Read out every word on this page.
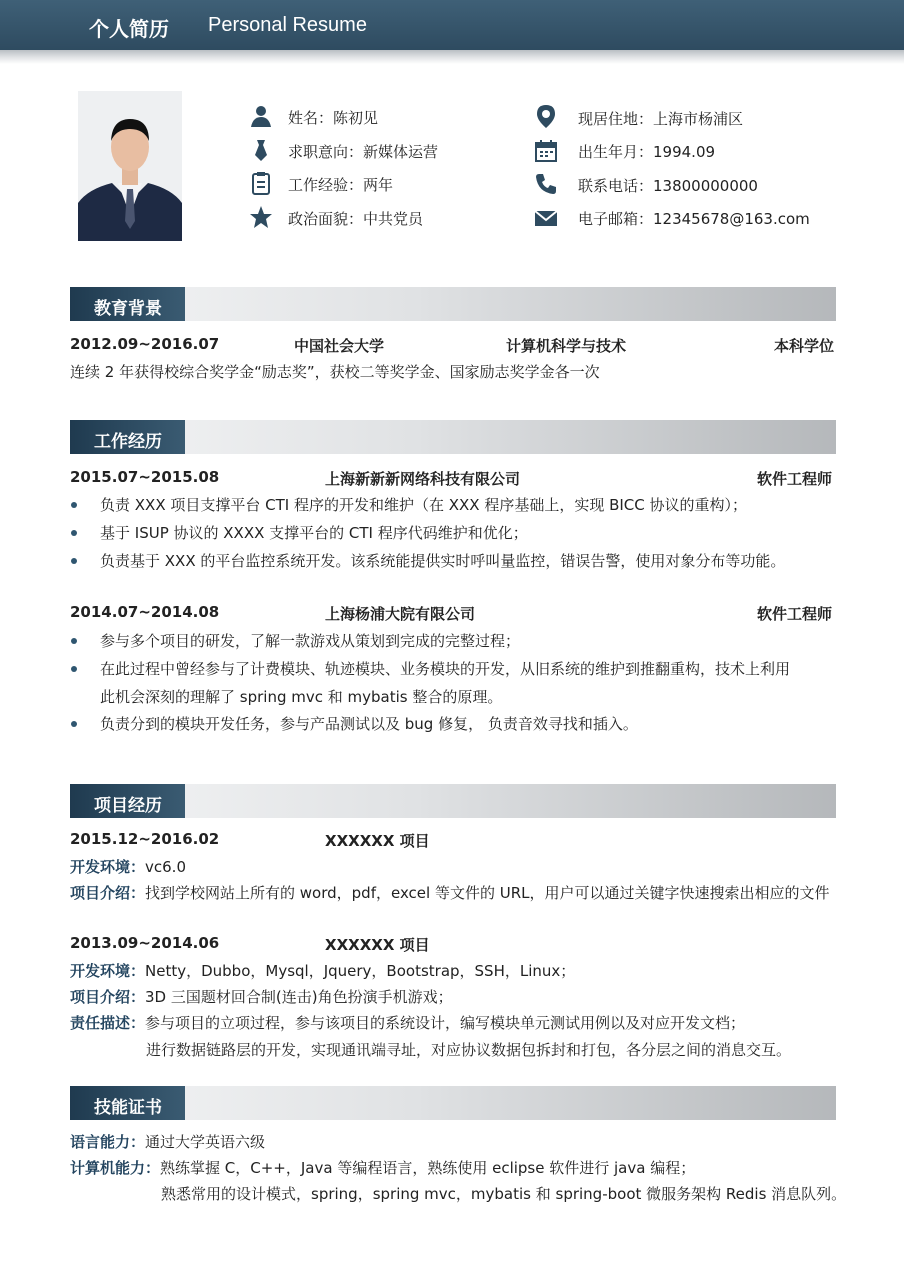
个人简历 Personal Resume
姓名：陈初见
求职意向：新媒体运营
工作经验：两年
政治面貌：中共党员
现居住地：上海市杨浦区
出生年月：1994.09
联系电话：13800000000
电子邮箱：12345678@163.com
教育背景
2012.09~2016.07	中国社会大学	计算机科学与技术	本科学位
连续 2 年获得校综合奖学金“励志奖”，获校二等奖学金、国家励志奖学金各一次
工作经历
2015.07~2015.08	上海新新新网络科技有限公司	软件工程师
负责 XXX 项目支撑平台 CTI 程序的开发和维护（在 XXX 程序基础上，实现 BICC 协议的重构）；
基于 ISUP 协议的 XXXX 支撑平台的 CTI 程序代码维护和优化；
负责基于 XXX 的平台监控系统开发。该系统能提供实时呼叫量监控，错误告警，使用对象分布等功能。
2014.07~2014.08	上海杨浦大院有限公司	软件工程师
参与多个项目的研发，了解一款游戏从策划到完成的完整过程；
在此过程中曾经参与了计费模块、轨迹模块、业务模块的开发，从旧系统的维护到推翻重构，技术上利用
此机会深刻的理解了 spring mvc 和 mybatis 整合的原理。
负责分到的模块开发任务，参与产品测试以及 bug 修复， 负责音效寻找和插入。
项目经历
2015.12~2016.02	XXXXXX 项目
开发环境：vc6.0
项目介绍：找到学校网站上所有的 word，pdf，excel 等文件的 URL，用户可以通过关键字快速搜索出相应的文件
2013.09~2014.06	XXXXXX 项目
开发环境：Netty，Dubbo，Mysql，Jquery，Bootstrap，SSH，Linux；
项目介绍：3D 三国题材回合制(连击)角色扮演手机游戏；
责任描述：参与项目的立项过程，参与该项目的系统设计，编写模块单元测试用例以及对应开发文档；
进行数据链路层的开发，实现通讯端寻址，对应协议数据包拆封和打包，各分层之间的消息交互。
技能证书
语言能力：通过大学英语六级
计算机能力：熟练掌握 C，C++，Java 等编程语言，熟练使用 eclipse 软件进行 java 编程；
熟悉常用的设计模式，spring，spring mvc，mybatis 和 spring-boot 微服务架构 Redis 消息队列。
